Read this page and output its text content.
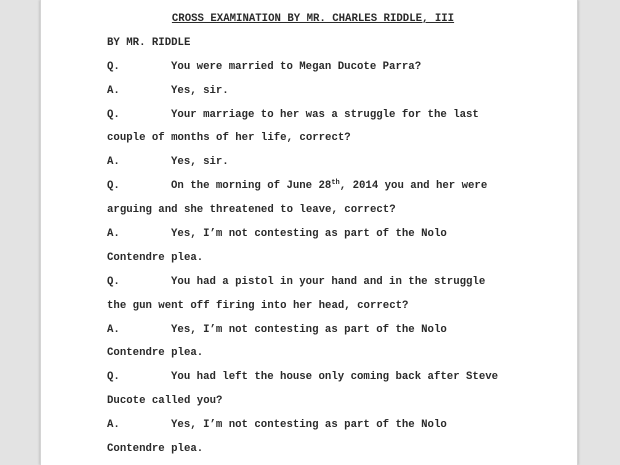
CROSS EXAMINATION BY MR. CHARLES RIDDLE, III
BY MR. RIDDLE
Q.	You were married to Megan Ducote Parra?
A.	Yes, sir.
Q.	Your marriage to her was a struggle for the last
couple of months of her life, correct?
A.	Yes, sir.
Q.	On the morning of June 28th, 2014 you and her were
arguing and she threatened to leave, correct?
A.	Yes, I’m not contesting as part of the Nolo
Contendre plea.
Q.	You had a pistol in your hand and in the struggle
the gun went off firing into her head, correct?
A.	Yes, I’m not contesting as part of the Nolo
Contendre plea.
Q.	You had left the house only coming back after Steve
Ducote called you?
A.	Yes, I’m not contesting as part of the Nolo
Contendre plea.
